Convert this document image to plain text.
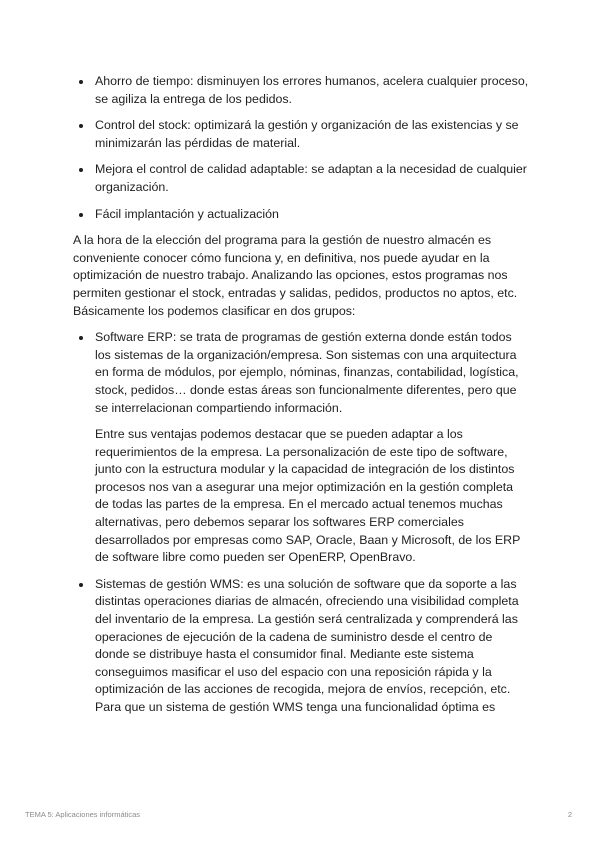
Ahorro de tiempo: disminuyen los errores humanos, acelera cualquier proceso, se agiliza la entrega de los pedidos.
Control del stock: optimizará la gestión y organización de las existencias y se minimizarán las pérdidas de material.
Mejora el control de calidad adaptable: se adaptan a la necesidad de cualquier organización.
Fácil implantación y actualización

A la hora de la elección del programa para la gestión de nuestro almacén es conveniente conocer cómo funciona y, en definitiva, nos puede ayudar en la optimización de nuestro trabajo. Analizando las opciones, estos programas nos permiten gestionar el stock, entradas y salidas, pedidos, productos no aptos, etc.

Básicamente los podemos clasificar en dos grupos:

Software ERP: se trata de programas de gestión externa donde están todos los sistemas de la organización/empresa. Son sistemas con una arquitectura en forma de módulos, por ejemplo, nóminas, finanzas, contabilidad, logística, stock, pedidos… donde estas áreas son funcionalmente diferentes, pero que se interrelacionan compartiendo información.

Entre sus ventajas podemos destacar que se pueden adaptar a los requerimientos de la empresa. La personalización de este tipo de software, junto con la estructura modular y la capacidad de integración de los distintos procesos nos van a asegurar una mejor optimización en la gestión completa de todas las partes de la empresa. En el mercado actual tenemos muchas alternativas, pero debemos separar los softwares ERP comerciales desarrollados por empresas como SAP, Oracle, Baan y Microsoft, de los ERP de software libre como pueden ser OpenERP, OpenBravo.

Sistemas de gestión WMS: es una solución de software que da soporte a las distintas operaciones diarias de almacén, ofreciendo una visibilidad completa del inventario de la empresa. La gestión será centralizada y comprenderá las operaciones de ejecución de la cadena de suministro desde el centro de donde se distribuye hasta el consumidor final. Mediante este sistema conseguimos masificar el uso del espacio con una reposición rápida y la optimización de las acciones de recogida, mejora de envíos, recepción, etc.

Para que un sistema de gestión WMS tenga una funcionalidad óptima es

TEMA 5: Aplicaciones informáticas	2
